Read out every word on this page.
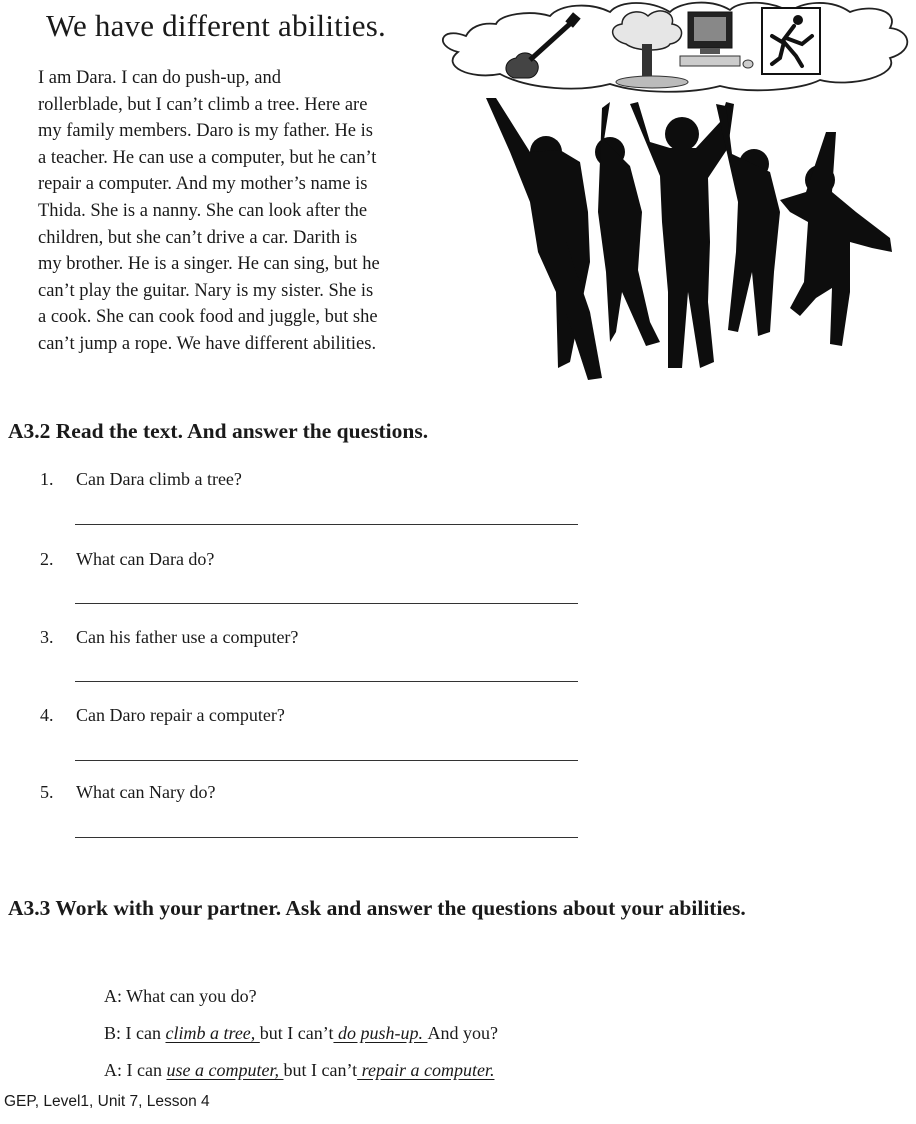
We have different abilities.

I am Dara. I can do push-up, and
rollerblade, but I can’t climb a tree. Here are
my family members. Daro is my father. He is
a teacher. He can use a computer, but he can’t
repair a computer. And my mother’s name is
Thida. She is a nanny. She can look after the
children, but she can’t drive a car. Darith is
my brother. He is a singer. He can sing, but he
can’t play the guitar. Nary is my sister. She is
a cook. She can cook food and juggle, but she
can’t jump a rope. We have different abilities.

A3.2 Read the text. And answer the questions.
1. Can Dara climb a tree?
2. What can Dara do?
3. Can his father use a computer?
4. Can Daro repair a computer?
5. What can Nary do?
A3.3 Work with your partner. Ask and answer the questions about your abilities.
A: What can you do?
B: I can climb a tree, but I can’t do push-up. And you?
A: I can use a computer, but I can’t repair a computer.
GEP, Level1, Unit 7, Lesson 4
